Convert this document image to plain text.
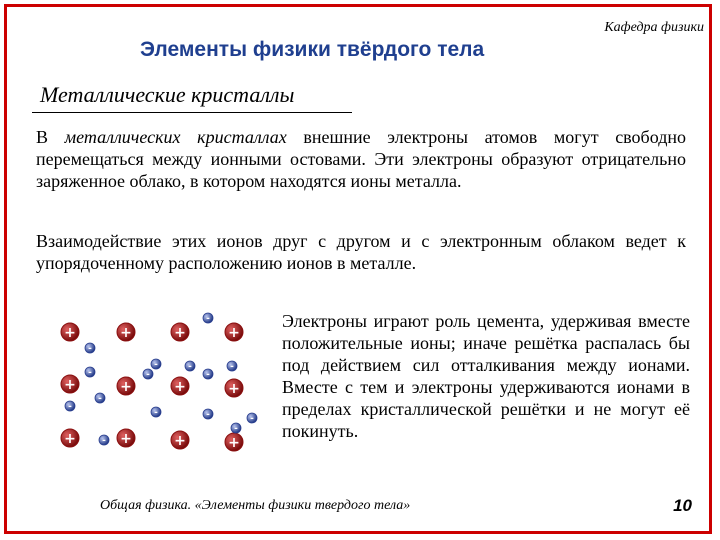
Кафедра физики
Элементы физики твёрдого тела
Металлические кристаллы
В металлических кристаллах внешние электроны атомов могут свободно перемещаться между ионными остовами. Эти электроны образуют отрицательно заряженное облако, в котором находятся ионы металла.
Взаимодействие этих ионов друг с другом и с электронным облаком ведет к упорядоченному расположению ионов в металле.
Электроны играют роль цемента, удерживая вместе положительные ионы; иначе решётка распалась бы под действием сил отталкивания между ионами. Вместе с тем и электроны удерживаются ионами в пределах кристаллической решётки и не могут её покинуть.
+	+	+	+
+	+	+	+
+	+	+	+
-
-
-	-	-
-	-	-
-
-
-	-	-
-
-
Общая физика. «Элементы физики твердого тела»	10
